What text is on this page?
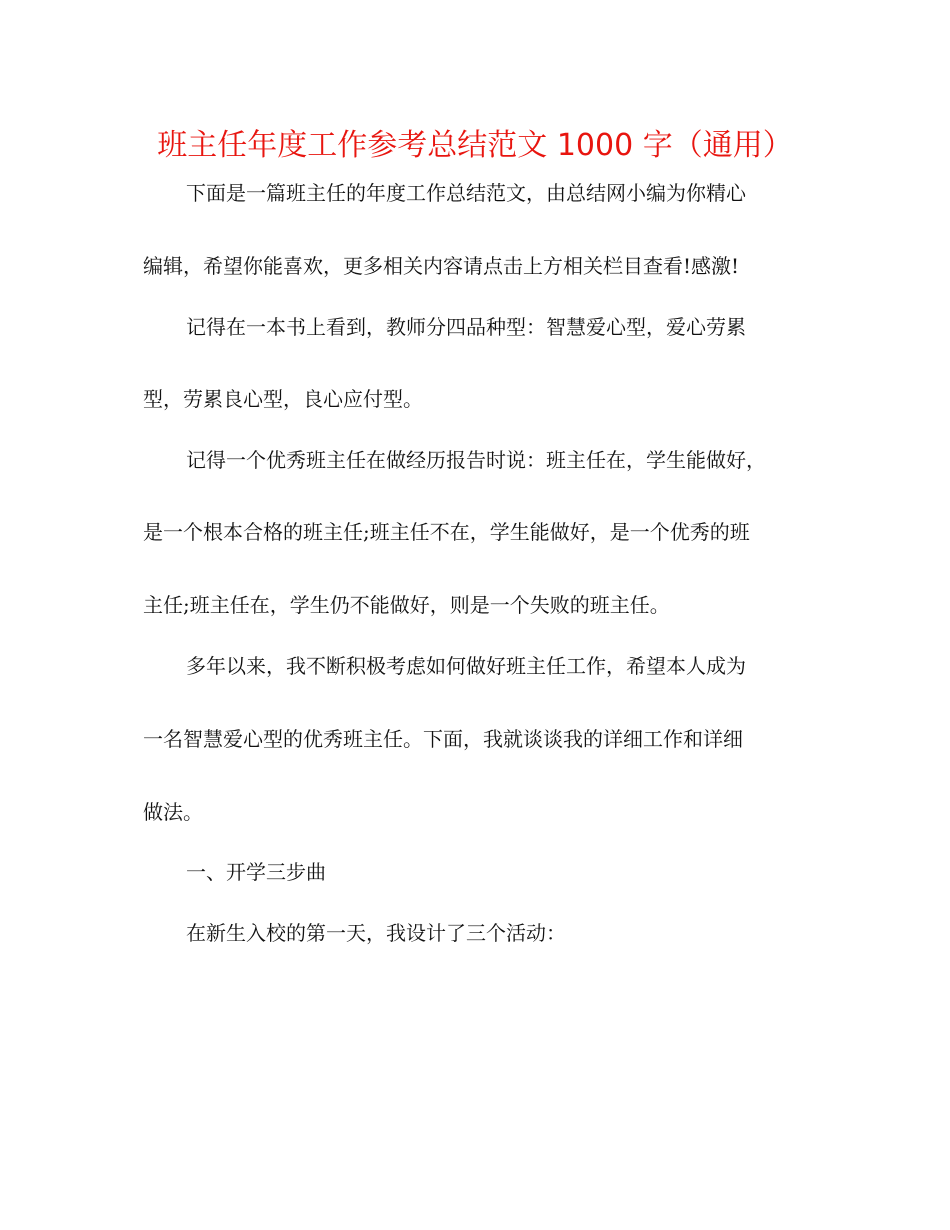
班主任年度工作参考总结范文 1000 字（通用）
下面是一篇班主任的年度工作总结范文，由总结网小编为你精心
编辑，希望你能喜欢，更多相关内容请点击上方相关栏目查看!感激!
记得在一本书上看到，教师分四品种型：智慧爱心型，爱心劳累
型，劳累良心型，良心应付型。
记得一个优秀班主任在做经历报告时说：班主任在，学生能做好，
是一个根本合格的班主任;班主任不在，学生能做好，是一个优秀的班
主任;班主任在，学生仍不能做好，则是一个失败的班主任。
多年以来，我不断积极考虑如何做好班主任工作，希望本人成为
一名智慧爱心型的优秀班主任。下面，我就谈谈我的详细工作和详细
做法。
一、开学三步曲
在新生入校的第一天，我设计了三个活动：
